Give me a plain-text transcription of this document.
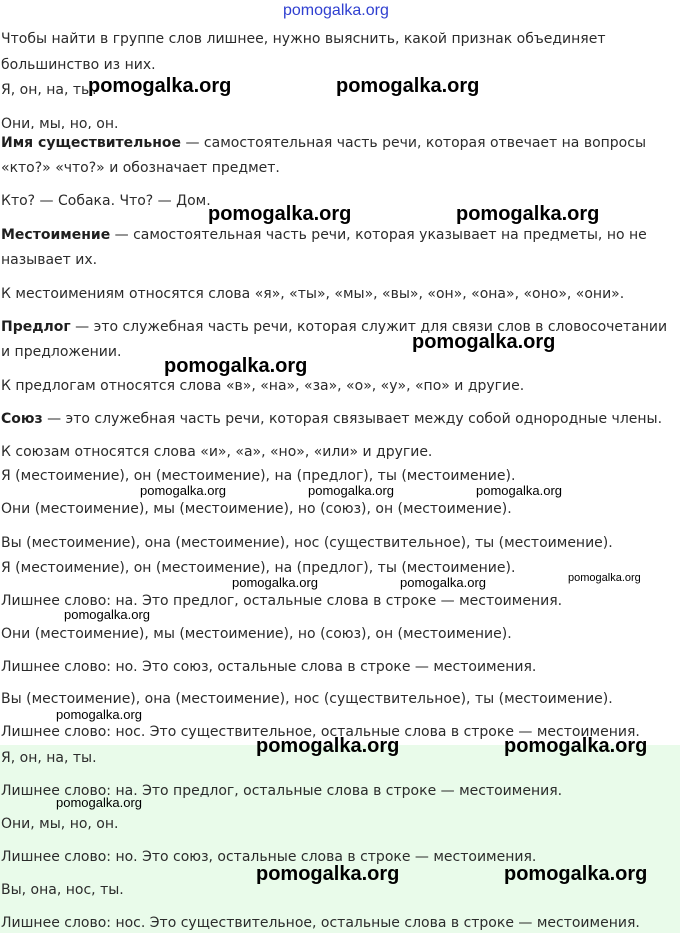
pomogalka.org
Чтобы найти в группе слов лишнее, нужно выяснить, какой признак объединяет
большинство из них.
Я, он, на, ты.
Они, мы, но, он.
Имя существительное — самостоятельная часть речи, которая отвечает на вопросы
«кто?» «что?» и обозначает предмет.
Кто? — Собака. Что? — Дом.
Местоимение — самостоятельная часть речи, которая указывает на предметы, но не
называет их.
К местоимениям относятся слова «я», «ты», «мы», «вы», «он», «она», «оно», «они».
Предлог — это служебная часть речи, которая служит для связи слов в словосочетании
и предложении.
К предлогам относятся слова «в», «на», «за», «о», «у», «по» и другие.
Союз — это служебная часть речи, которая связывает между собой однородные члены.
К союзам относятся слова «и», «а», «но», «или» и другие.
Я (местоимение), он (местоимение), на (предлог), ты (местоимение).
Они (местоимение), мы (местоимение), но (союз), он (местоимение).
Вы (местоимение), она (местоимение), нос (существительное), ты (местоимение).
Я (местоимение), он (местоимение), на (предлог), ты (местоимение).
Лишнее слово: на. Это предлог, остальные слова в строке — местоимения.
Они (местоимение), мы (местоимение), но (союз), он (местоимение).
Лишнее слово: но. Это союз, остальные слова в строке — местоимения.
Вы (местоимение), она (местоимение), нос (существительное), ты (местоимение).
Лишнее слово: нос. Это существительное, остальные слова в строке — местоимения.
Я, он, на, ты.
Лишнее слово: на. Это предлог, остальные слова в строке — местоимения.
Они, мы, но, он.
Лишнее слово: но. Это союз, остальные слова в строке — местоимения.
Вы, она, нос, ты.
Лишнее слово: нос. Это существительное, остальные слова в строке — местоимения.
pomogalka.org	pomogalka.org
pomogalka.org	pomogalka.org
pomogalka.org
pomogalka.org
pomogalka.org	pomogalka.org	pomogalka.org
pomogalka.org	pomogalka.org	pomogalka.org
pomogalka.org
pomogalka.org
pomogalka.org	pomogalka.org
pomogalka.org
pomogalka.org	pomogalka.org
